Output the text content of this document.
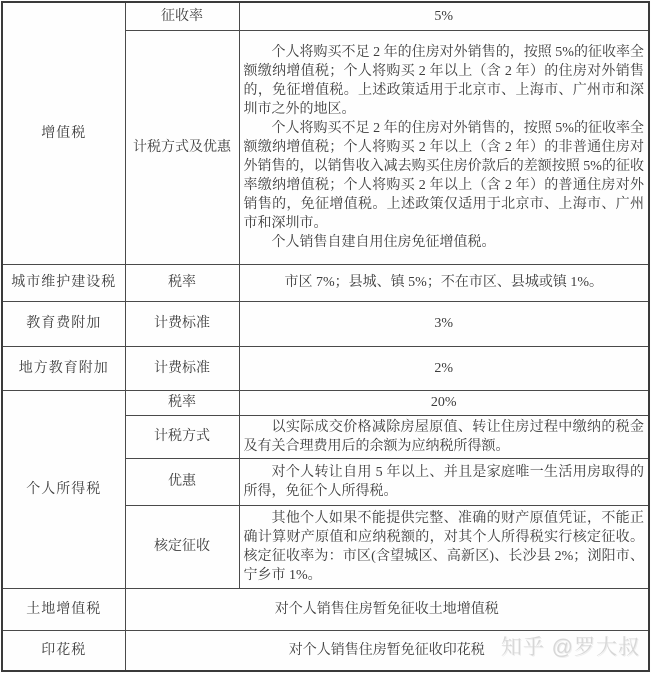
增值税	征收率	5%
	计税方式及优惠	个人将购买不足 2 年的住房对外销售的，按照 5%的征收率全额缴纳增值税；个人将购买 2 年以上（含 2 年）的住房对外销售的，免征增值税。上述政策适用于北京市、上海市、广州市和深圳市之外的地区。

个人将购买不足 2 年的住房对外销售的，按照 5%的征收率全额缴纳增值税；个人将购买 2 年以上（含 2 年）的非普通住房对外销售的，以销售收入减去购买住房价款后的差额按照 5%的征收率缴纳增值税；个人将购买 2 年以上（含 2 年）的普通住房对外销售的，免征增值税。上述政策仅适用于北京市、上海市、广州市和深圳市。

个人销售自建自用住房免征增值税。

城市维护建设税	税率	市区 7%；县城、镇 5%；不在市区、县城或镇 1%。
教育费附加	计费标准	3%
地方教育附加	计费标准	2%
个人所得税	税率	20%
	计税方式	以实际成交价格减除房屋原值、转让住房过程中缴纳的税金及有关合理费用后的余额为应纳税所得额。

	优惠	对个人转让自用 5 年以上、并且是家庭唯一生活用房取得的所得，免征个人所得税。

	核定征收	其他个人如果不能提供完整、准确的财产原值凭证，不能正确计算财产原值和应纳税额的，对其个人所得税实行核定征收。核定征收率为：市区(含望城区、高新区)、长沙县 2%；浏阳市、宁乡市 1%。

土地增值税	对个人销售住房暂免征收土地增值税	
印花税	对个人销售住房暂免征收印花税	知乎 @罗大叔
